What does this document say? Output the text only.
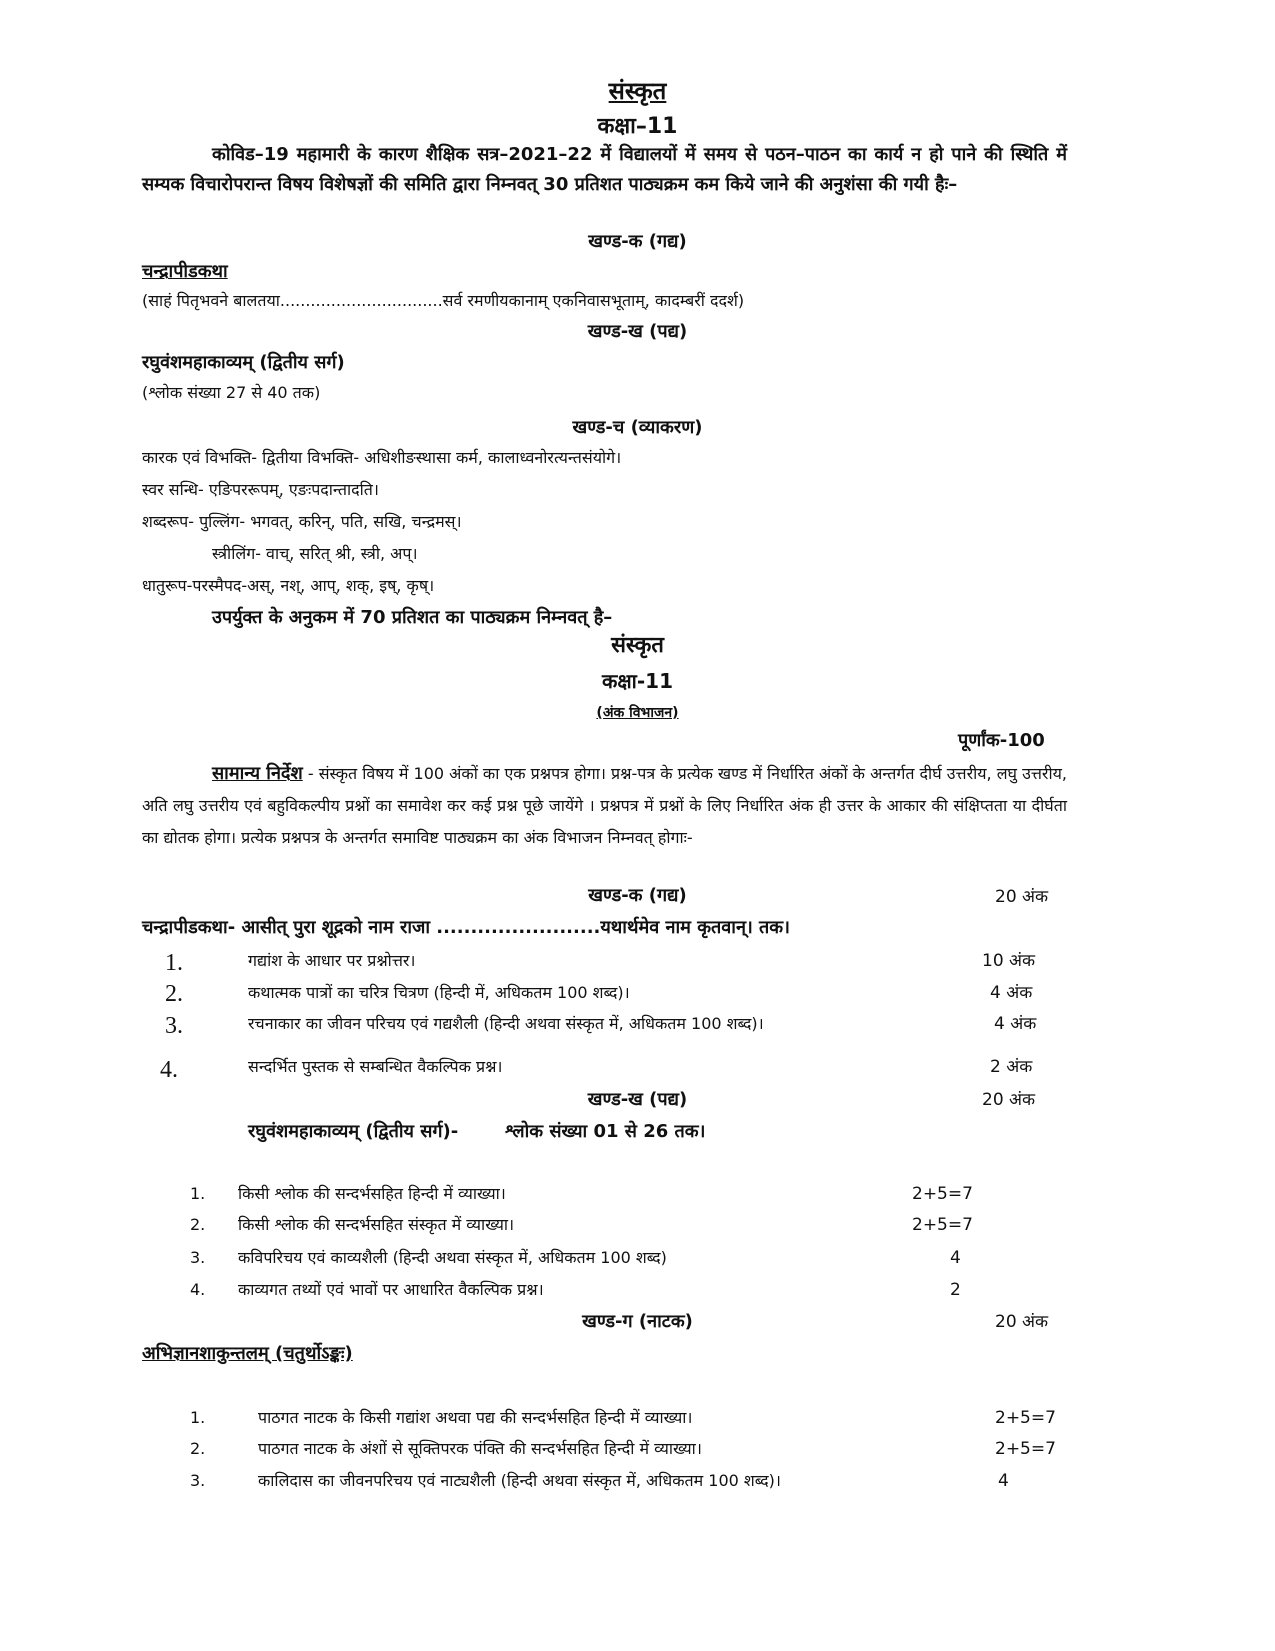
संस्कृत
कक्षा–11
कोविड–19 महामारी के कारण शैक्षिक सत्र–2021–22 में विद्यालयों में समय से पठन–पाठन का कार्य न हो पाने की स्थिति में सम्यक विचारोपरान्त विषय विशेषज्ञों की समिति द्वारा निम्नवत् 30 प्रतिशत पाठ्यक्रम कम किये जाने की अनुशंसा की गयी हैः–
खण्ड-क (गद्य)
चन्द्रापीडकथा
(साहं पितृभवने बालतया................................सर्व रमणीयकानाम् एकनिवासभूताम्, कादम्बरीं ददर्श)
खण्ड-ख (पद्य)
रघुवंशमहाकाव्यम् (द्वितीय सर्ग)
(श्लोक संख्या 27 से 40 तक)
खण्ड-च (व्याकरण)
कारक एवं विभक्ति- द्वितीया विभक्ति- अधिशीङस्थासा कर्म, कालाध्वनोरत्यन्तसंयोगे।
स्वर सन्धि- एङिपररूपम्, एङःपदान्तादति।
शब्दरूप- पुल्लिंग- भगवत्, करिन्, पति, सखि, चन्द्रमस्।
स्त्रीलिंग- वाच्, सरित् श्री, स्त्री, अप्।
धातुरूप-परस्मैपद-अस्, नश्, आप्, शक्, इष्, कृष्।
उपर्युक्त के अनुकम में 70 प्रतिशत का पाठ्यक्रम निम्नवत् है–
संस्कृत
कक्षा-11
(अंक विभाजन)
पूर्णांक-100
सामान्य निर्देश - संस्कृत विषय में 100 अंकों का एक प्रश्नपत्र होगा। प्रश्न-पत्र के प्रत्येक खण्ड में निर्धारित अंकों के अन्तर्गत दीर्घ उत्तरीय, लघु उत्तरीय, अति लघु उत्तरीय एवं बहुविकल्पीय प्रश्नों का समावेश कर कई प्रश्न पूछे जायेंगे । प्रश्नपत्र में प्रश्नों के लिए निर्धारित अंक ही उत्तर के आकार की संक्षिप्तता या दीर्घता का द्योतक होगा। प्रत्येक प्रश्नपत्र के अन्तर्गत समाविष्ट पाठ्यक्रम का अंक विभाजन निम्नवत् होगाः-
खण्ड-क (गद्य)	20 अंक
चन्द्रापीडकथा- आसीत् पुरा शूद्रको नाम राजा ........................यथार्थमेव नाम कृतवान्। तक।
1.	गद्यांश के आधार पर प्रश्नोत्तर।	10 अंक
2.	कथात्मक पात्रों का चरित्र चित्रण (हिन्दी में, अधिकतम 100 शब्द)।	4 अंक
3.	रचनाकार का जीवन परिचय एवं गद्यशैली (हिन्दी अथवा संस्कृत में, अधिकतम 100 शब्द)।	4 अंक
4.	सन्दर्भित पुस्तक से सम्बन्धित वैकल्पिक प्रश्न।	2 अंक
खण्ड-ख (पद्य)	20 अंक
रघुवंशमहाकाव्यम् (द्वितीय सर्ग)-	श्लोक संख्या 01 से 26 तक।
1. किसी श्लोक की सन्दर्भसहित हिन्दी में व्याख्या।	2+5=7
2. किसी श्लोक की सन्दर्भसहित संस्कृत में व्याख्या।	2+5=7
3. कविपरिचय एवं काव्यशैली (हिन्दी अथवा संस्कृत में, अधिकतम 100 शब्द)	4
4. काव्यगत तथ्यों एवं भावों पर आधारित वैकल्पिक प्रश्न।	2
खण्ड-ग (नाटक)	20 अंक
अभिज्ञानशाकुन्तलम् (चतुर्थोऽङ्कः)
1.	पाठगत नाटक के किसी गद्यांश अथवा पद्य की सन्दर्भसहित हिन्दी में व्याख्या।	2+5=7
2.	पाठगत नाटक के अंशों से सूक्तिपरक पंक्ति की सन्दर्भसहित हिन्दी में व्याख्या।	2+5=7
3.	कालिदास का जीवनपरिचय एवं नाट्यशैली (हिन्दी अथवा संस्कृत में, अधिकतम 100 शब्द)।	4
